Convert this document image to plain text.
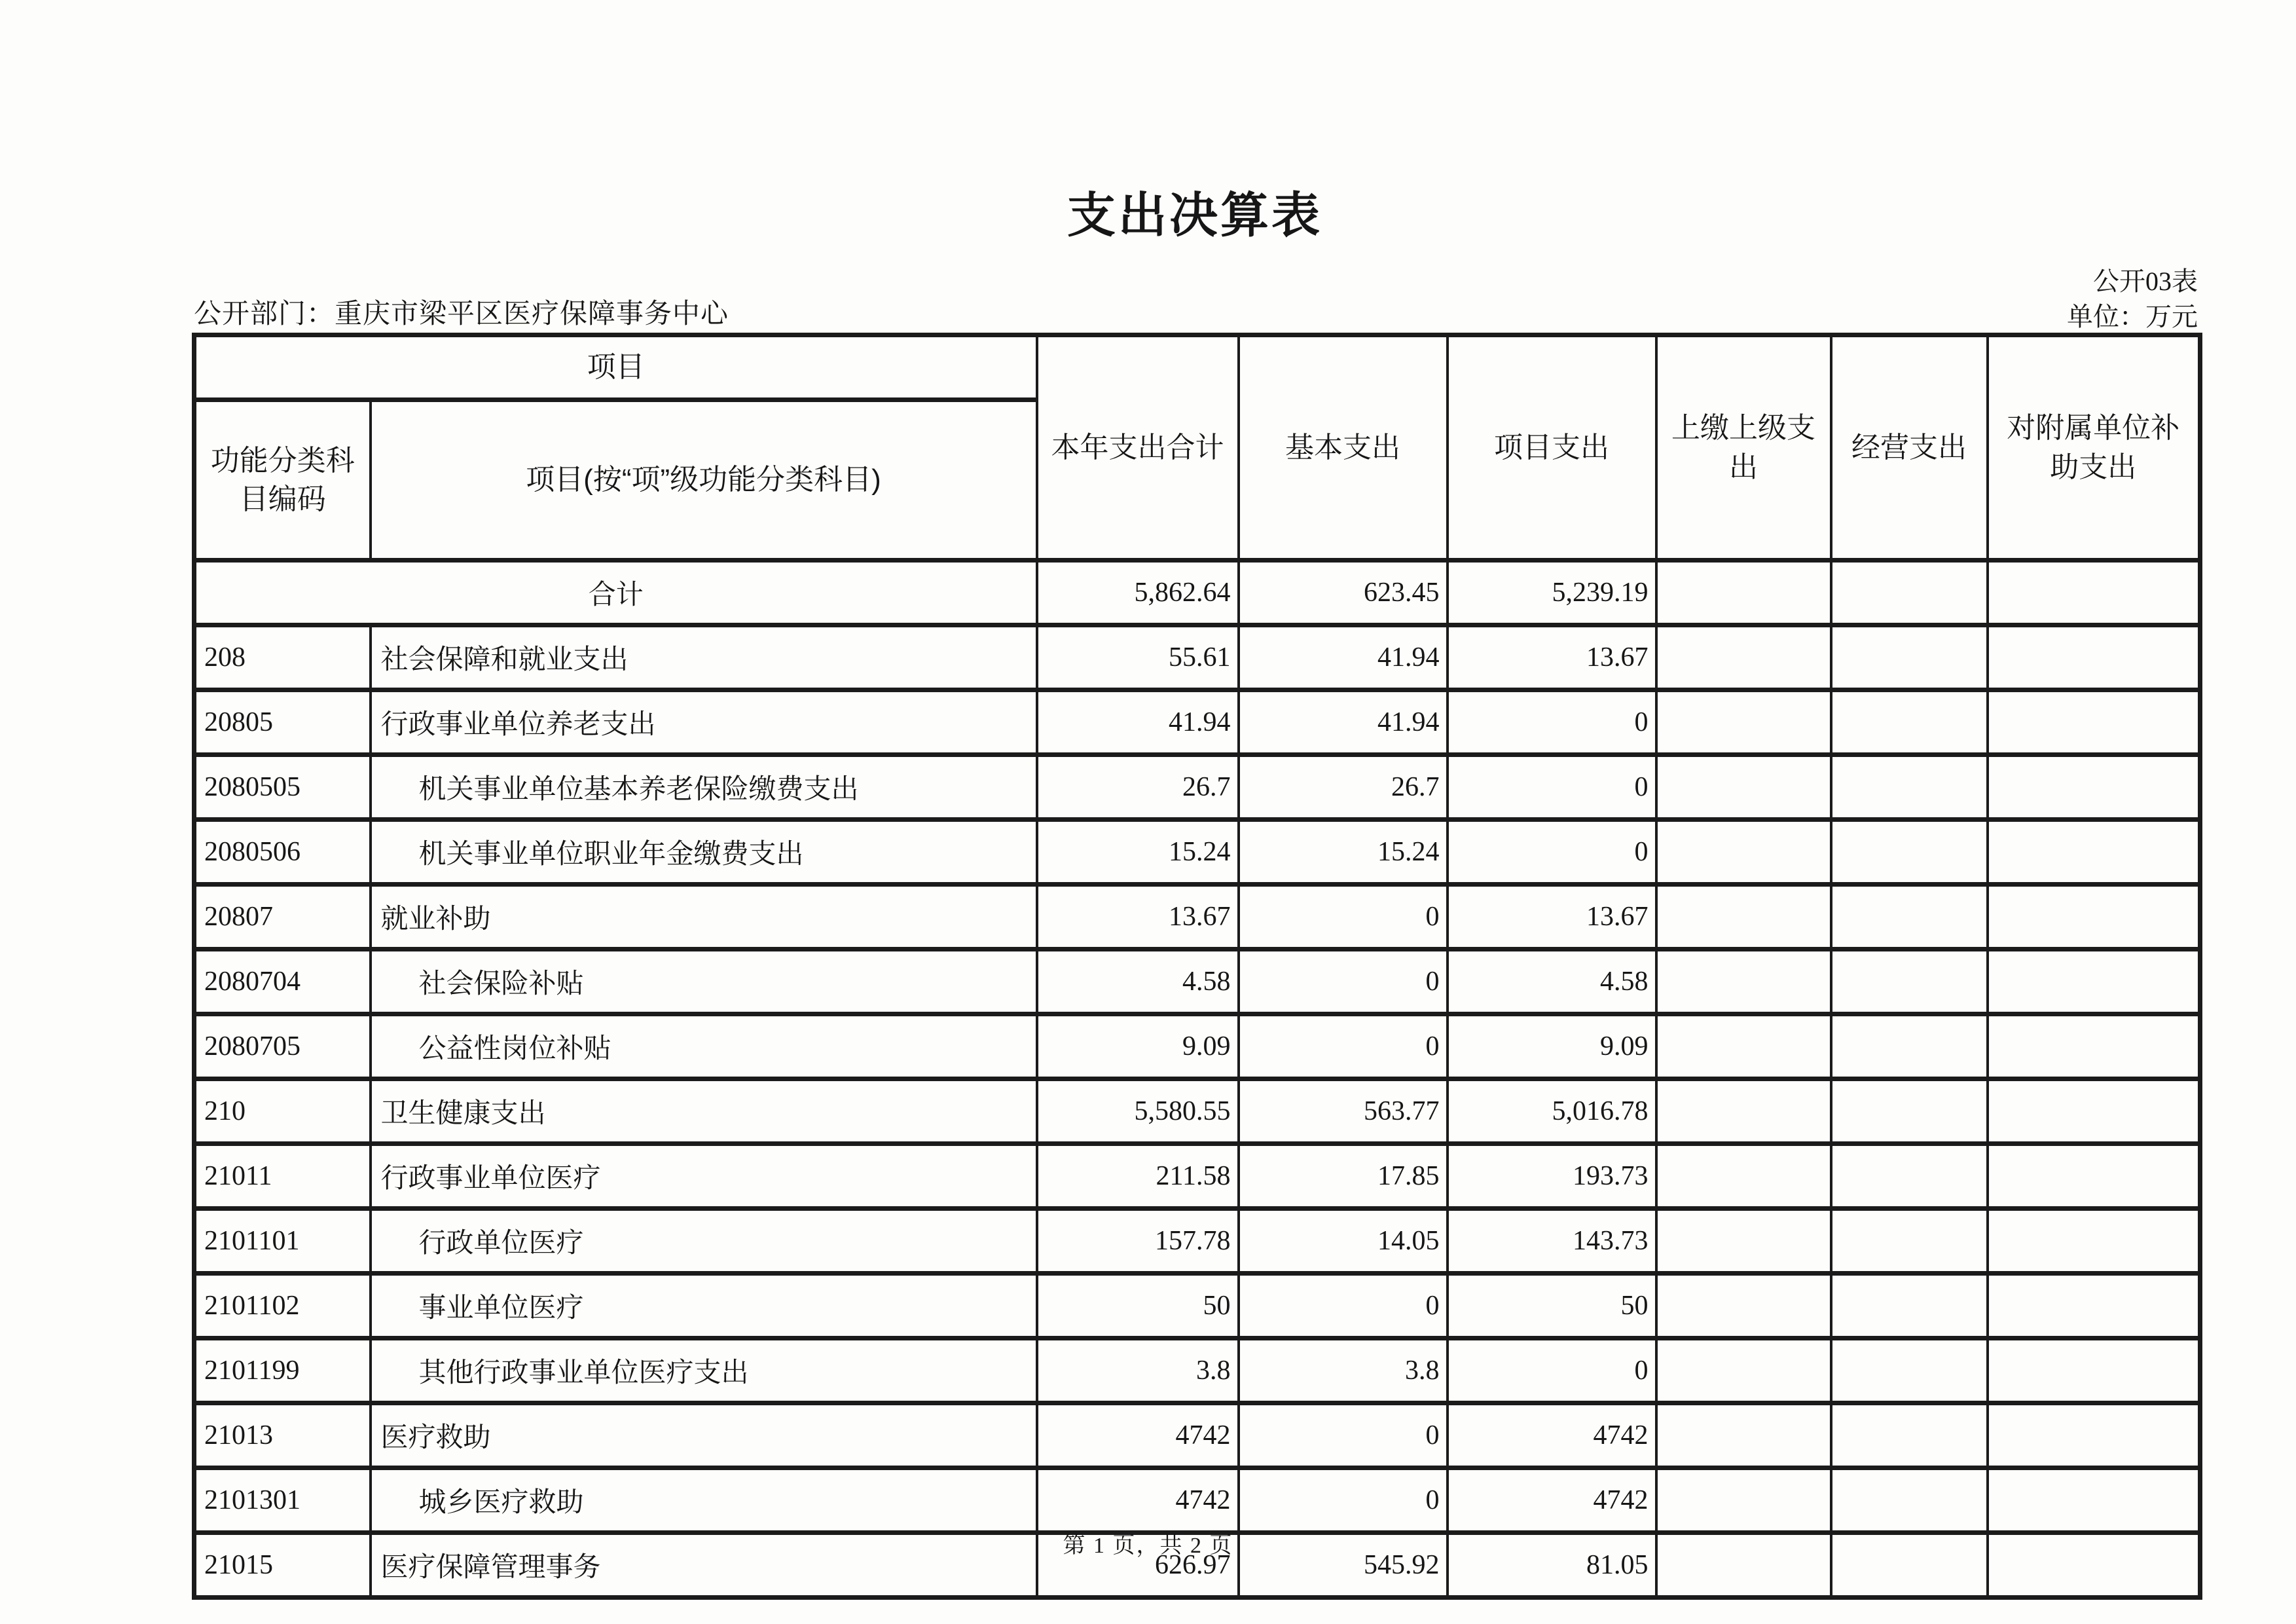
支出决算表
公开03表
公开部门：重庆市梁平区医疗保障事务中心	单位：万元
项目		本年支出合计	基本支出	项目支出	上缴上级支出	经营支出	对附属单位补助支出
功能分类科目编码	项目(按“项”级功能分类科目)						
合计		5,862.64	623.45	5,239.19			
208	社会保障和就业支出	55.61	41.94	13.67			
20805	行政事业单位养老支出	41.94	41.94	0			
2080505	机关事业单位基本养老保险缴费支出	26.7	26.7	0			
2080506	机关事业单位职业年金缴费支出	15.24	15.24	0			
20807	就业补助	13.67	0	13.67			
2080704	社会保险补贴	4.58	0	4.58			
2080705	公益性岗位补贴	9.09	0	9.09			
210	卫生健康支出	5,580.55	563.77	5,016.78			
21011	行政事业单位医疗	211.58	17.85	193.73			
2101101	行政单位医疗	157.78	14.05	143.73			
2101102	事业单位医疗	50	0	50			
2101199	其他行政事业单位医疗支出	3.8	3.8	0			
21013	医疗救助	4742	0	4742			
2101301	城乡医疗救助	4742	0	4742			
21015	医疗保障管理事务	626.97	545.92	81.05			
第 1 页，共 2 页
